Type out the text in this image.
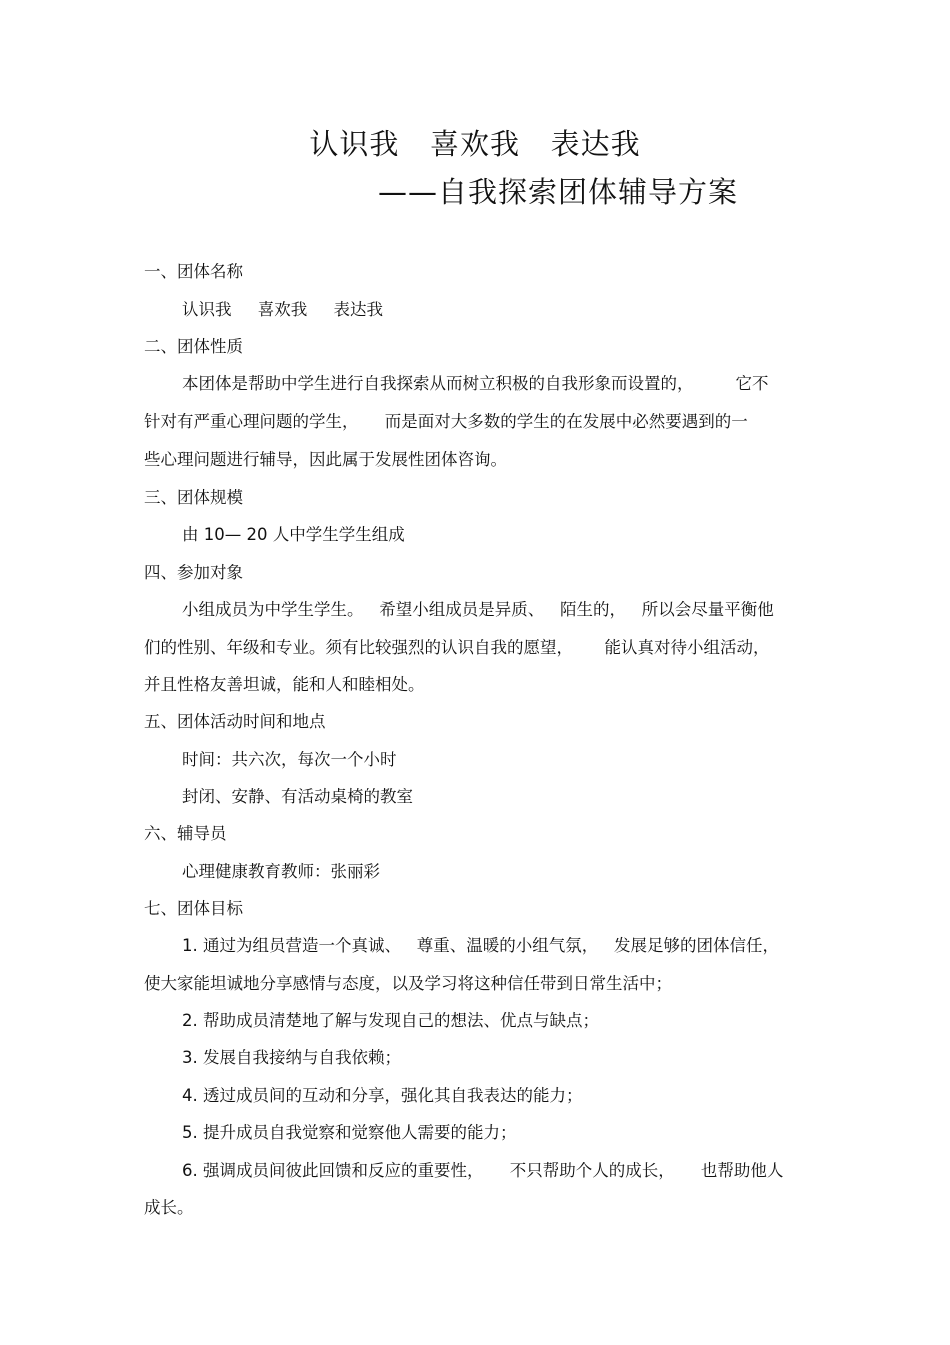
认识我   喜欢我   表达我
——自我探索团体辅导方案
一、团体名称
认识我     喜欢我     表达我
二、团体性质
本团体是帮助中学生进行自我探索从而树立积极的自我形象而设置的，        它不
针对有严重心理问题的学生，     而是面对大多数的学生的在发展中必然要遇到的一
些心理问题进行辅导，因此属于发展性团体咨询。
三、团体规模
由 10— 20 人中学生学生组成
四、参加对象
小组成员为中学生学生。   希望小组成员是异质、   陌生的，   所以会尽量平衡他
们的性别、年级和专业。须有比较强烈的认识自我的愿望，      能认真对待小组活动，
并且性格友善坦诚，能和人和睦相处。
五、团体活动时间和地点
时间：共六次，每次一个小时
封闭、安静、有活动桌椅的教室
六、辅导员
心理健康教育教师：张丽彩
七、团体目标
1. 通过为组员营造一个真诚、   尊重、温暖的小组气氛，   发展足够的团体信任，
使大家能坦诚地分享感情与态度，以及学习将这种信任带到日常生活中；
2. 帮助成员清楚地了解与发现自己的想法、优点与缺点；
3. 发展自我接纳与自我依赖；
4. 透过成员间的互动和分享，强化其自我表达的能力；
5. 提升成员自我觉察和觉察他人需要的能力；
6. 强调成员间彼此回馈和反应的重要性，     不只帮助个人的成长，     也帮助他人
成长。
